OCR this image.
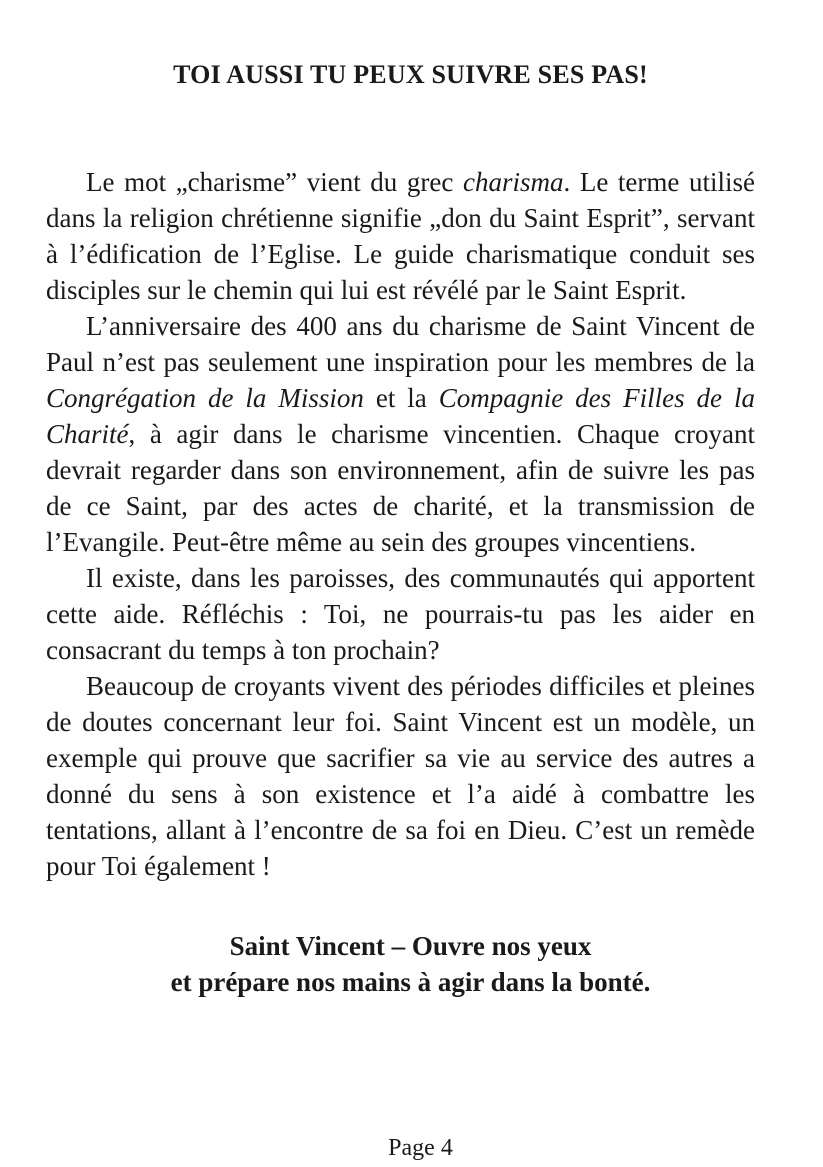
TOI AUSSI TU PEUX SUIVRE SES PAS!

Le mot „charisme” vient du grec charisma. Le terme utilisé dans la religion chrétienne signifie „don du Saint Esprit”, servant à l’édification de l’Eglise. Le guide charismatique conduit ses disciples sur le chemin qui lui est révélé par le Saint Esprit.

L’anniversaire des 400 ans du charisme de Saint Vincent de Paul n’est pas seulement une inspiration pour les membres de la Congrégation de la Mission et la Compagnie des Filles de la Charité, à agir dans le charisme vincentien. Chaque croyant devrait regarder dans son environnement, afin de suivre les pas de ce Saint, par des actes de charité, et la transmission de l’Evangile. Peut-être même au sein des groupes vincentiens.

Il existe, dans les paroisses, des communautés qui apportent cette aide. Réfléchis : Toi, ne pourrais-tu pas les aider en consacrant du temps à ton prochain?

Beaucoup de croyants vivent des périodes difficiles et pleines de doutes concernant leur foi. Saint Vincent est un modèle, un exemple qui prouve que sacrifier sa vie au service des autres a donné du sens à son existence et l’a aidé à combattre les tentations, allant à l’encontre de sa foi en Dieu. C’est un remède pour Toi également !

Saint Vincent – Ouvre nos yeux
et prépare nos mains à agir dans la bonté.
Page 4
